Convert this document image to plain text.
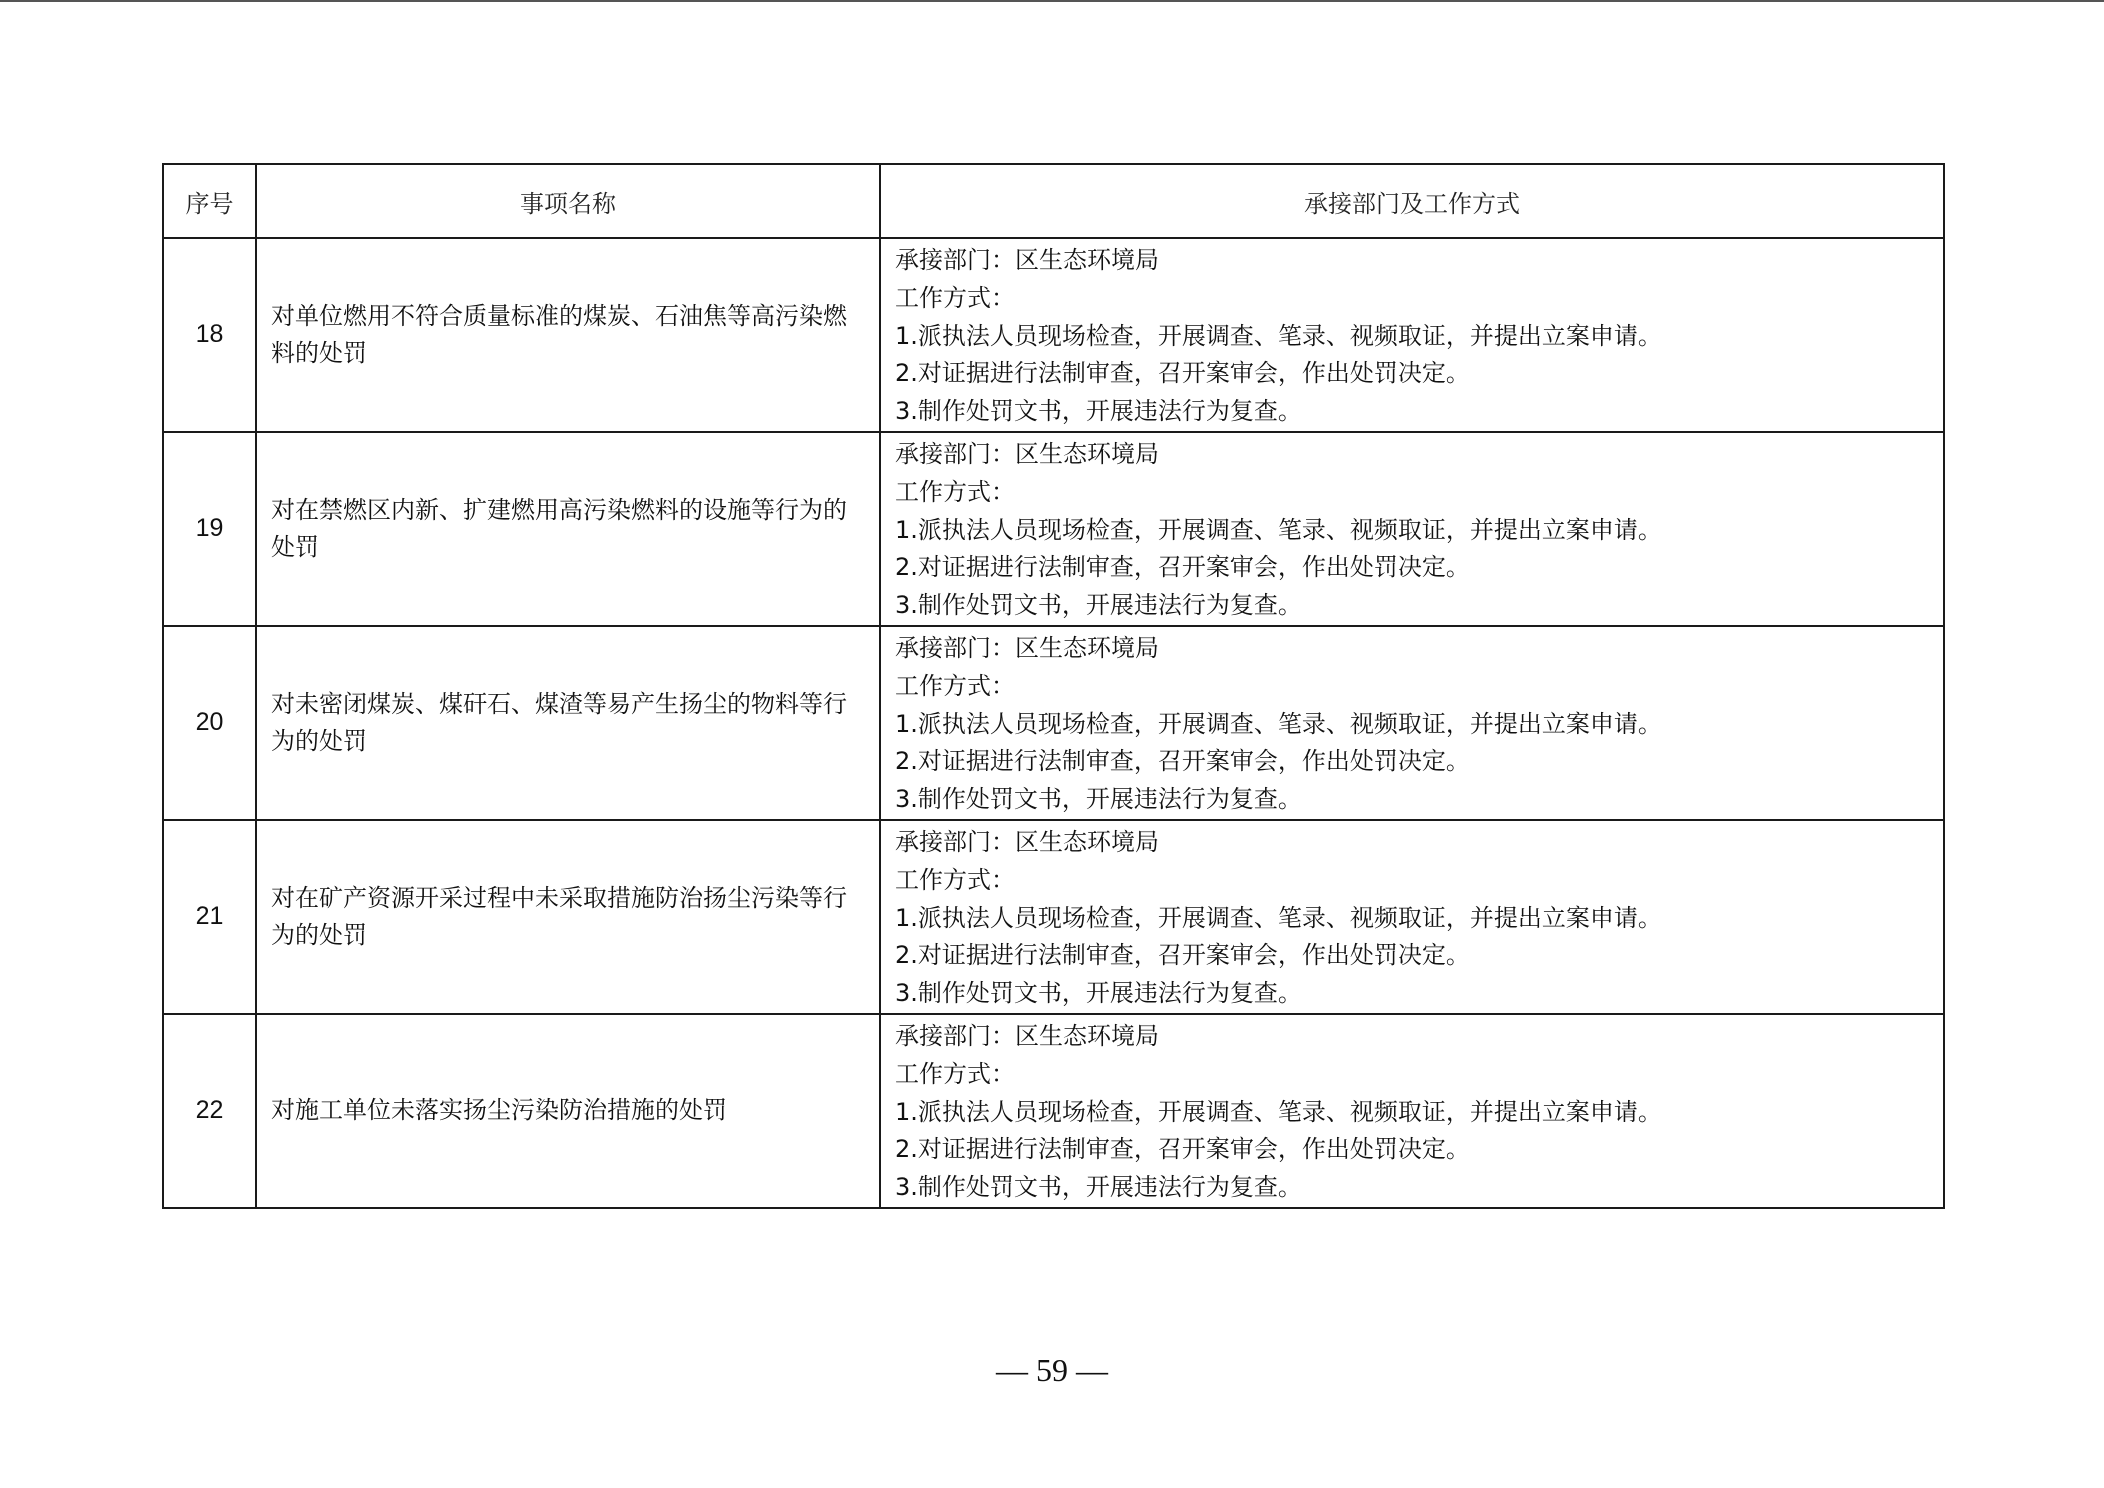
序号	事项名称	承接部门及工作方式
18	对单位燃用不符合质量标准的煤炭、石油焦等高污染燃料的处罚	承接部门：区生态环境局
工作方式：
1.派执法人员现场检查，开展调查、笔录、视频取证，并提出立案申请。
2.对证据进行法制审查，召开案审会，作出处罚决定。
3.制作处罚文书，开展违法行为复查。

19	对在禁燃区内新、扩建燃用高污染燃料的设施等行为的处罚	承接部门：区生态环境局
工作方式：
1.派执法人员现场检查，开展调查、笔录、视频取证，并提出立案申请。
2.对证据进行法制审查，召开案审会，作出处罚决定。
3.制作处罚文书，开展违法行为复查。

20	对未密闭煤炭、煤矸石、煤渣等易产生扬尘的物料等行为的处罚	承接部门：区生态环境局
工作方式：
1.派执法人员现场检查，开展调查、笔录、视频取证，并提出立案申请。
2.对证据进行法制审查，召开案审会，作出处罚决定。
3.制作处罚文书，开展违法行为复查。

21	对在矿产资源开采过程中未采取措施防治扬尘污染等行为的处罚	承接部门：区生态环境局
工作方式：
1.派执法人员现场检查，开展调查、笔录、视频取证，并提出立案申请。
2.对证据进行法制审查，召开案审会，作出处罚决定。
3.制作处罚文书，开展违法行为复查。

22	对施工单位未落实扬尘污染防治措施的处罚	承接部门：区生态环境局
工作方式：
1.派执法人员现场检查，开展调查、笔录、视频取证，并提出立案申请。
2.对证据进行法制审查，召开案审会，作出处罚决定。
3.制作处罚文书，开展违法行为复查。
— 59 —
